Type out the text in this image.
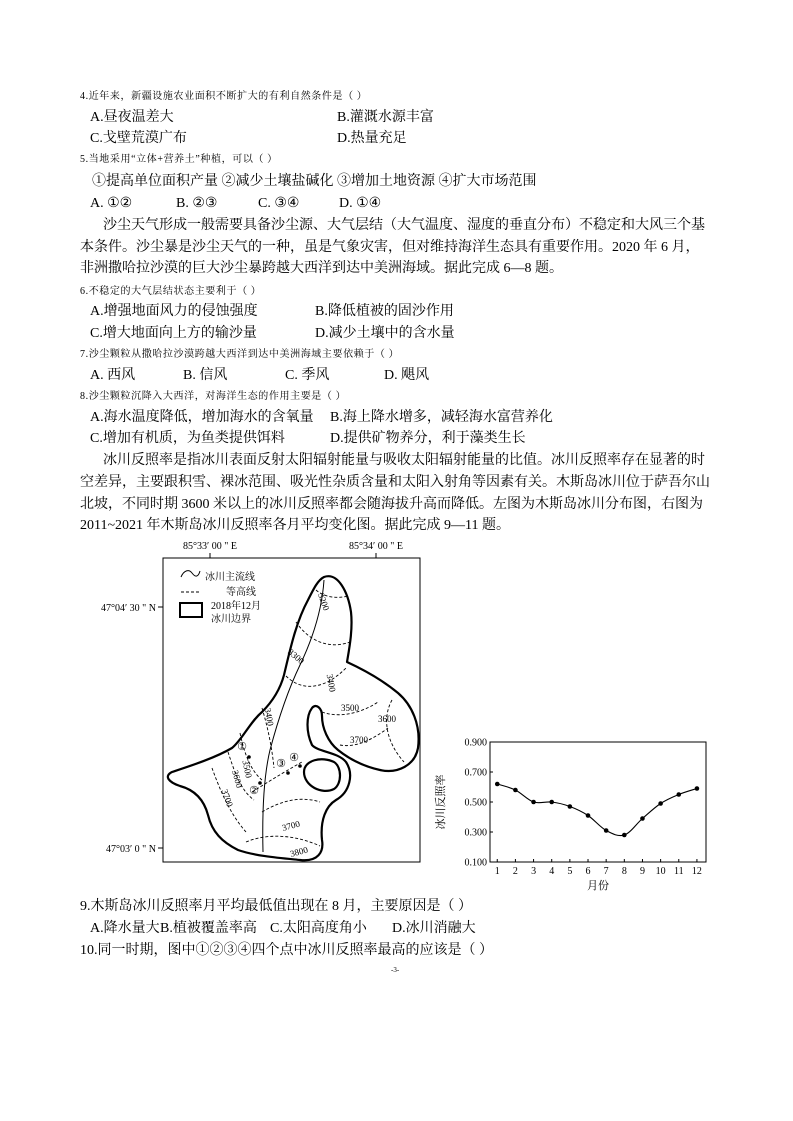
4.近年来，新疆设施农业面积不断扩大的有利自然条件是（ ）
A.昼夜温差大	B.灌溉水源丰富
C.戈壁荒漠广布	D.热量充足
5.当地采用“立体+营养土”种植，可以（ ）
①提高单位面积产量 ②减少土壤盐碱化 ③增加土地资源 ④扩大市场范围
A. ①②	B. ②③	C. ③④	D. ①④
沙尘天气形成一般需要具备沙尘源、大气层结（大气温度、湿度的垂直分布）不稳定和大风三个基
本条件。沙尘暴是沙尘天气的一种，虽是气象灾害，但对维持海洋生态具有重要作用。2020 年 6 月，
非洲撒哈拉沙漠的巨大沙尘暴跨越大西洋到达中美洲海域。据此完成 6—8 题。
6.不稳定的大气层结状态主要利于（ ）
A.增强地面风力的侵蚀强度	B.降低植被的固沙作用
C.增大地面向上方的输沙量	D.减少土壤中的含水量
7.沙尘颗粒从撒哈拉沙漠跨越大西洋到达中美洲海域主要依赖于（ ）
A. 西风	B. 信风	C. 季风	D. 飓风
8.沙尘颗粒沉降入大西洋，对海洋生态的作用主要是（ ）
A.海水温度降低，增加海水的含氧量 B.海上降水增多，减轻海水富营养化
C.增加有机质，为鱼类提供饵料	D.提供矿物养分，利于藻类生长
冰川反照率是指冰川表面反射太阳辐射能量与吸收太阳辐射能量的比值。冰川反照率存在显著的时
空差异，主要跟积雪、裸冰范围、吸光性杂质含量和太阳入射角等因素有关。木斯岛冰川位于萨吾尔山
北坡，不同时期 3600 米以上的冰川反照率都会随海拔升高而降低。左图为木斯岛冰川分布图，右图为
2011~2021 年木斯岛冰川反照率各月平均变化图。据此完成 9—11 题。
85°33′ 00 " E	85°34′ 00 " E
47°04′ 30 " N
47°03′ 0 " N
冰川主流线
等高线
2018年12月
冰川边界
3200
3300
3400
3500
3600
3700
3400
3500
3600
3700
3700
3800
①
②
③ ④
冰川反照率
月份
0.900
0.700
0.500
0.300
0.100
1 2 3 4 5 6 7 8 9 10 11 12
9.木斯岛冰川反照率月平均最低值出现在 8 月，主要原因是（ ）
A.降水量大 B.植被覆盖率高 C.太阳高度角小 D.冰川消融大
10.同一时期，图中①②③④四个点中冰川反照率最高的应该是（ ）
-3-
